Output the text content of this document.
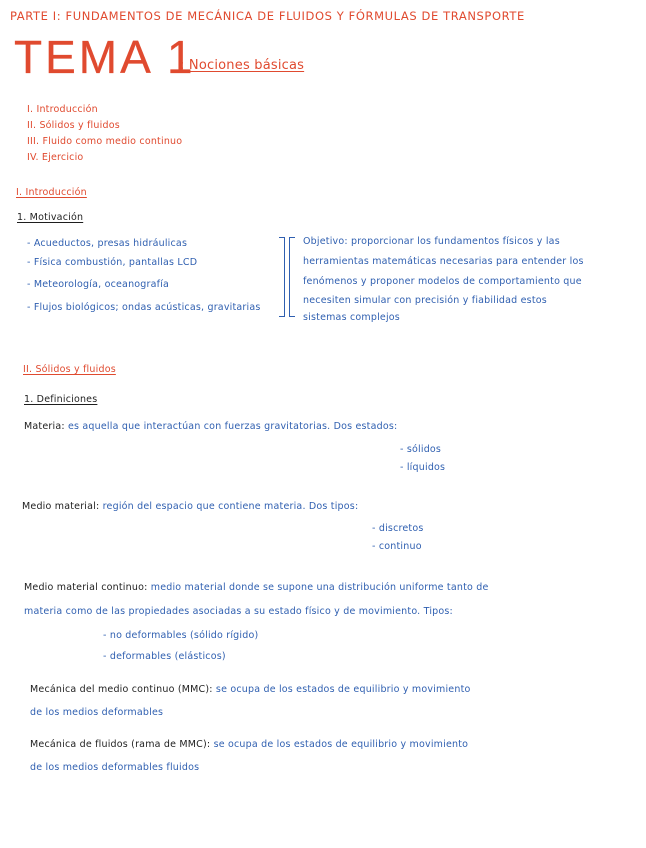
PARTE I: FUNDAMENTOS DE MECÁNICA DE FLUIDOS Y FÓRMULAS DE TRANSPORTE
TEMA 1
: Nociones básicas
I. Introducción
II. Sólidos y fluidos
III. Fluido como medio continuo
IV. Ejercicio
I. Introducción
1. Motivación
- Acueductos, presas hidráulicas
- Física combustión, pantallas LCD
- Meteorología, oceanografía
- Flujos biológicos; ondas acústicas, gravitarias
Objetivo: proporcionar los fundamentos físicos y las
herramientas matemáticas necesarias para entender los
fenómenos y proponer modelos de comportamiento que
necesiten simular con precisión y fiabilidad estos
sistemas complejos
II. Sólidos y fluidos
1. Definiciones
Materia: es aquella que interactúan con fuerzas gravitatorias. Dos estados:
- sólidos
- líquidos
Medio material: región del espacio que contiene materia. Dos tipos:
- discretos
- continuo
Medio material continuo: medio material donde se supone una distribución uniforme tanto de
materia como de las propiedades asociadas a su estado físico y de movimiento. Tipos:
- no deformables (sólido rígido)
- deformables (elásticos)
Mecánica del medio continuo (MMC): se ocupa de los estados de equilibrio y movimiento
de los medios deformables
Mecánica de fluidos (rama de MMC): se ocupa de los estados de equilibrio y movimiento
de los medios deformables fluidos
